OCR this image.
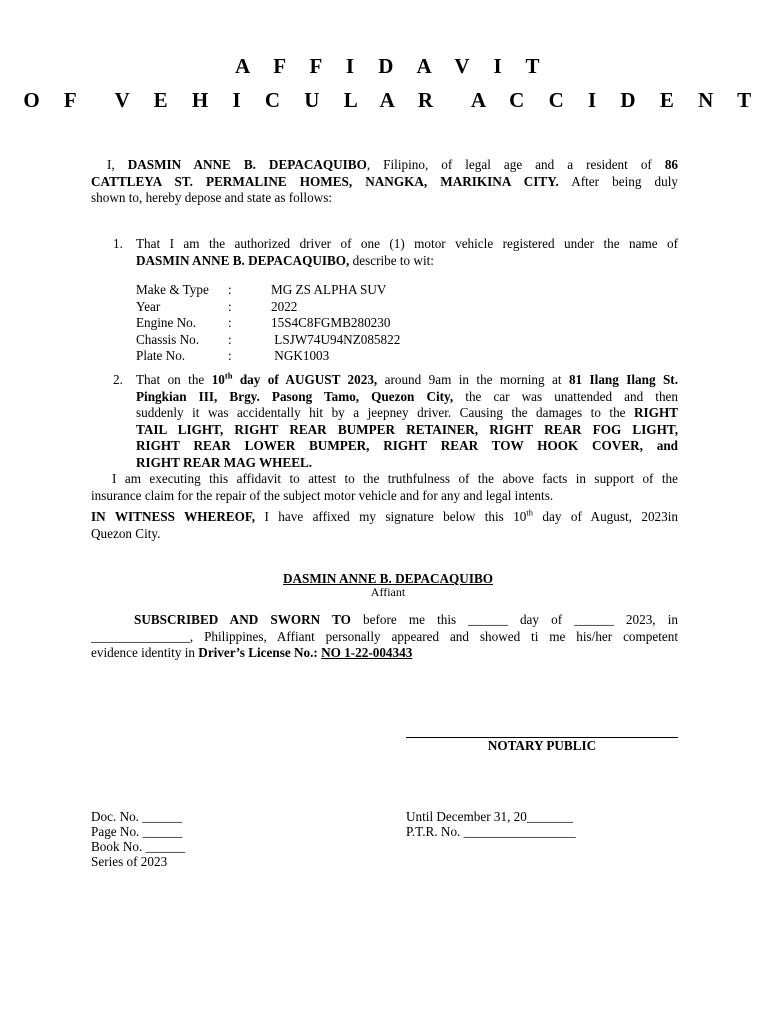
A F F I D A V I T
O F  V E H I C U L A R  A C C I D E N T
I, DASMIN ANNE B. DEPACAQUIBO, Filipino, of legal age and a resident of 86
CATTLEYA ST. PERMALINE HOMES, NANGKA, MARIKINA CITY. After being duly
shown to, hereby depose and state as follows:
1. That I am the authorized driver of one (1) motor vehicle registered under the name of
DASMIN ANNE B. DEPACAQUIBO, describe to wit:
Make & Type :	MG ZS ALPHA SUV
Year	:	2022
Engine No. :	15S4C8FGMB280230
Chassis No. :	LSJW74U94NZ085822
Plate No.	:	NGK1003
2. That on the 10th day of AUGUST 2023, around 9am in the morning at 81 Ilang Ilang St.
Pingkian III, Brgy. Pasong Tamo, Quezon City, the car was unattended and then
suddenly it was accidentally hit by a jeepney driver. Causing the damages to the RIGHT
TAIL LIGHT, RIGHT REAR BUMPER RETAINER, RIGHT REAR FOG LIGHT,
RIGHT REAR LOWER BUMPER, RIGHT REAR TOW HOOK COVER, and
RIGHT REAR MAG WHEEL.
I am executing this affidavit to attest to the truthfulness of the above facts in support of the
insurance claim for the repair of the subject motor vehicle and for any and legal intents.
IN WITNESS WHEREOF, I have affixed my signature below this 10th day of August, 2023in
Quezon City.
DASMIN ANNE B. DEPACAQUIBO
Affiant
SUBSCRIBED AND SWORN TO before me this ______ day of ______ 2023, in
_______________, Philippines, Affiant personally appeared and showed ti me his/her competent
evidence identity in Driver’s License No.: NO 1-22-004343
NOTARY PUBLIC
Doc. No. ______
Page No. ______
Book No. ______
Series of 2023
Until December 31, 20_______
P.T.R. No. _________________
